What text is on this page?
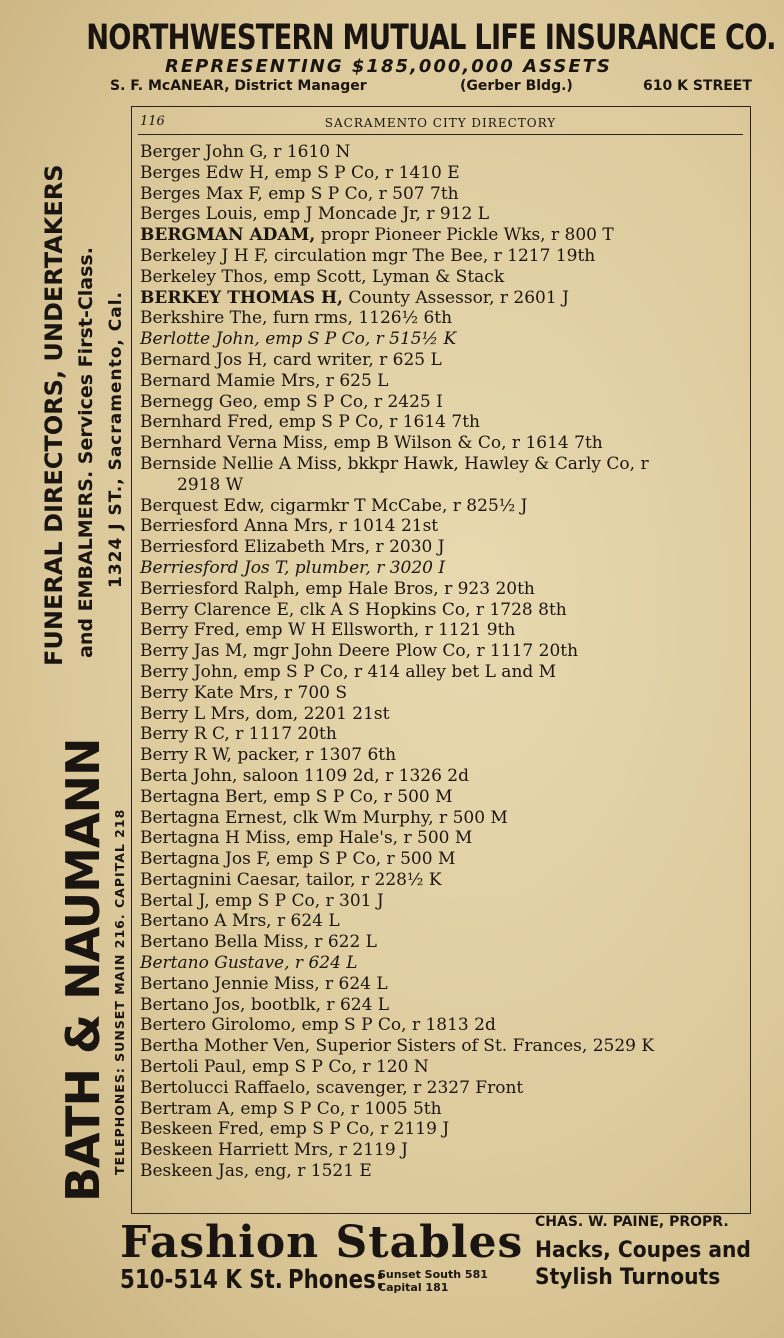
NORTHWESTERN MUTUAL LIFE INSURANCE CO.
REPRESENTING $185,000,000 ASSETS
S. F. McANEAR, District Manager	(Gerber Bldg.)	610 K STREET
BATH & NAUMANN TELEPHONES: SUNSET MAIN 216. CAPITAL 218
FUNERAL DIRECTORS, UNDERTAKERS and EMBALMERS. Services First-Class. 1324 J ST., Sacramento, Cal.
116	SACRAMENTO CITY DIRECTORY
Berger John G, r 1610 N
Berges Edw H, emp S P Co, r 1410 E
Berges Max F, emp S P Co, r 507 7th
Berges Louis, emp J Moncade Jr, r 912 L
BERGMAN ADAM, propr Pioneer Pickle Wks, r 800 T
Berkeley J H F, circulation mgr The Bee, r 1217 19th
Berkeley Thos, emp Scott, Lyman & Stack
BERKEY THOMAS H, County Assessor, r 2601 J
Berkshire The, furn rms, 1126½ 6th
Berlotte John, emp S P Co, r 515½ K
Bernard Jos H, card writer, r 625 L
Bernard Mamie Mrs, r 625 L
Bernegg Geo, emp S P Co, r 2425 I
Bernhard Fred, emp S P Co, r 1614 7th
Bernhard Verna Miss, emp B Wilson & Co, r 1614 7th
Bernside Nellie A Miss, bkkpr Hawk, Hawley & Carly Co, r
2918 W
Berquest Edw, cigarmkr T McCabe, r 825½ J
Berriesford Anna Mrs, r 1014 21st
Berriesford Elizabeth Mrs, r 2030 J
Berriesford Jos T, plumber, r 3020 I
Berriesford Ralph, emp Hale Bros, r 923 20th
Berry Clarence E, clk A S Hopkins Co, r 1728 8th
Berry Fred, emp W H Ellsworth, r 1121 9th
Berry Jas M, mgr John Deere Plow Co, r 1117 20th
Berry John, emp S P Co, r 414 alley bet L and M
Berry Kate Mrs, r 700 S
Berry L Mrs, dom, 2201 21st
Berry R C, r 1117 20th
Berry R W, packer, r 1307 6th
Berta John, saloon 1109 2d, r 1326 2d
Bertagna Bert, emp S P Co, r 500 M
Bertagna Ernest, clk Wm Murphy, r 500 M
Bertagna H Miss, emp Hale's, r 500 M
Bertagna Jos F, emp S P Co, r 500 M
Bertagnini Caesar, tailor, r 228½ K
Bertal J, emp S P Co, r 301 J
Bertano A Mrs, r 624 L
Bertano Bella Miss, r 622 L
Bertano Gustave, r 624 L
Bertano Jennie Miss, r 624 L
Bertano Jos, bootblk, r 624 L
Bertero Girolomo, emp S P Co, r 1813 2d
Bertha Mother Ven, Superior Sisters of St. Frances, 2529 K
Bertoli Paul, emp S P Co, r 120 N
Bertolucci Raffaelo, scavenger, r 2327 Front
Bertram A, emp S P Co, r 1005 5th
Beskeen Fred, emp S P Co, r 2119 J
Beskeen Harriett Mrs, r 2119 J
Beskeen Jas, eng, r 1521 E
Fashion Stables
510-514 K St. Phones:
Sunset South 581
Capital 181
CHAS. W. PAINE, PROPR.
Hacks, Coupes and
Stylish Turnouts
